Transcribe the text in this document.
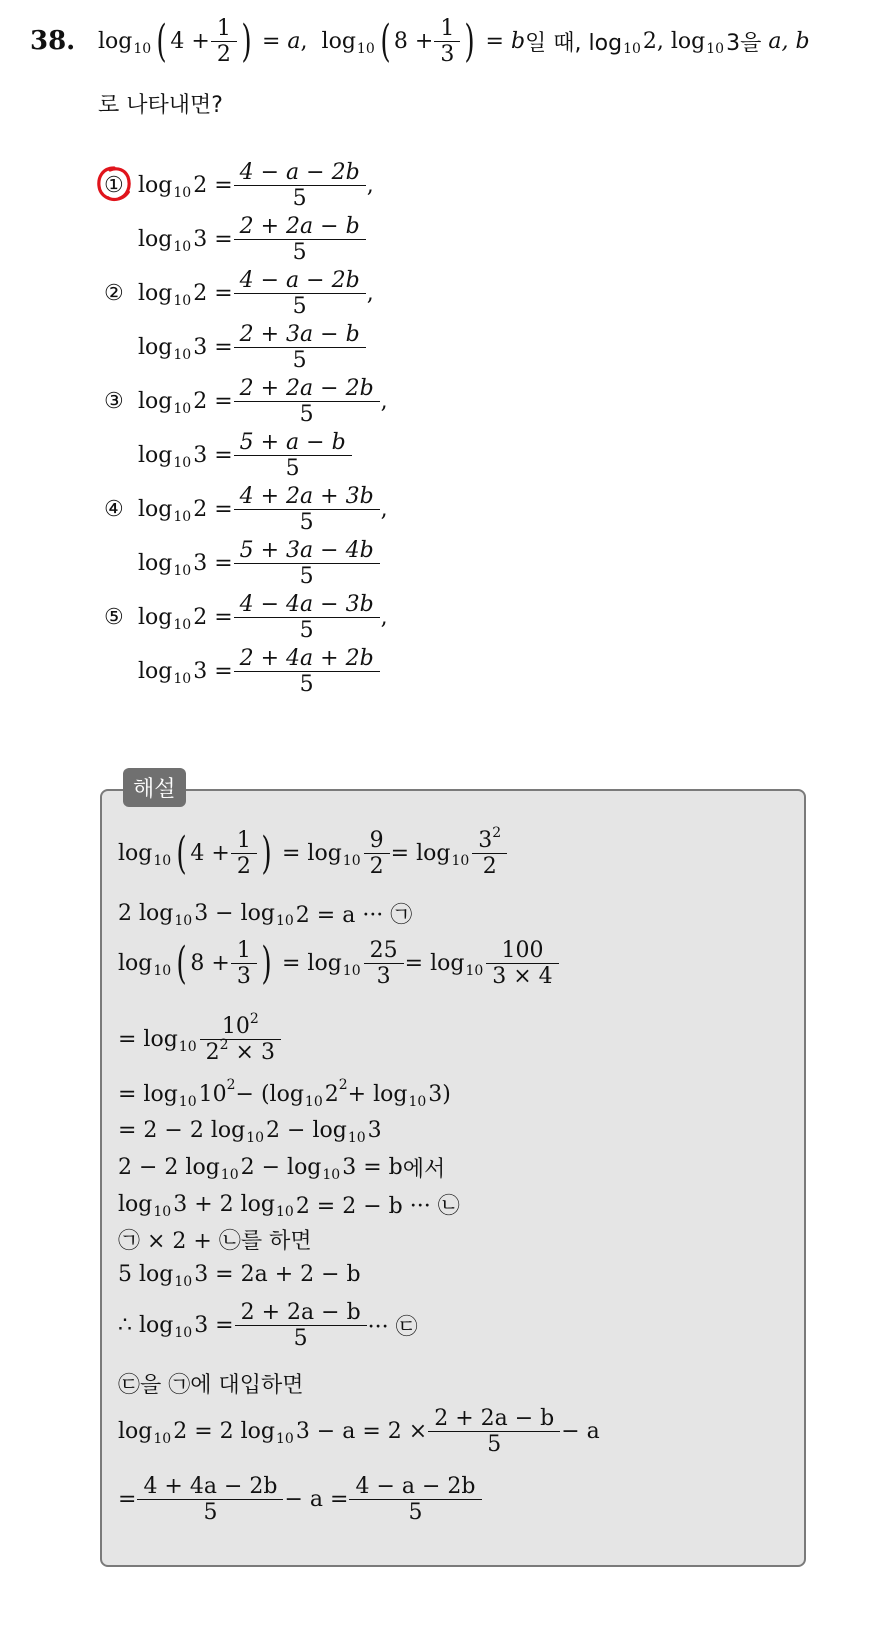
38. log 10 ( 4
+ $\frac{1}{2}$ )
=
a , log 10 ( 8
+ $\frac{1}{3}$ )
=
b 일 때, log 10 2, log 10 3을
a, b
로 나타내면?
① log 10 2
= $\frac{4 - a - 2b}{5}$ ,
log 10 3
= $\frac{2 + 2a - b}{5}$
② log 10 2
= $\frac{4 - a - 2b}{5}$ ,
log 10 3
= $\frac{2 + 3a - b}{5}$
③ log 10 2
= $\frac{2 + 2a - 2b}{5}$ ,
log 10 3
= $\frac{5 + a - b}{5}$
④ log 10 2
= $\frac{4 + 2a + 3b}{5}$ ,
log 10 3
= $\frac{5 + 3a - 4b}{5}$
⑤ log 10 2
= $\frac{4 - 4a - 3b}{5}$ ,
log 10 3
= $\frac{2 + 4a + 2b}{5}$
해설
log 10 ( 4
+ $\frac{1}{2}$ )
=
$\log 10 \frac{9}{2}$ =
$\log 10 \frac{3^2}{2}$
2 log 10 3 − log 10 2 = a ··· ㉠
log 10 ( 8
+ $\frac{1}{3}$ )
=
$\log 10 \frac{25}{3}$ =
$\log 10 \frac{100}{3 \times 4}$
= $\log 10 \frac{10^2}{2^2 \times 3}$
= log 10 10 2 − (log 10 2 2 + log 10 3)
= 2 − 2 log 10 2 − log 10 3
2 − 2 log 10 2 − log 10 3 = b 에서
log 10 3 + 2 log 10 2 = 2 − b ··· ㉡
㉠ × 2 + ㉡ 를 하면
5 log 10 3 = 2a + 2 − b
∴ log 10 $3 = \frac{2 + 2a - b}{5}$ ··· ㉢
㉢을 ㉠에 대입하면
log 10 2 = 2 log 10 $3 - a = 2 \times \frac{2 + 2a - b}{5} - a$
= $\frac{4 + 4a - 2b}{5} - a = \frac{4 - a - 2b}{5}$
